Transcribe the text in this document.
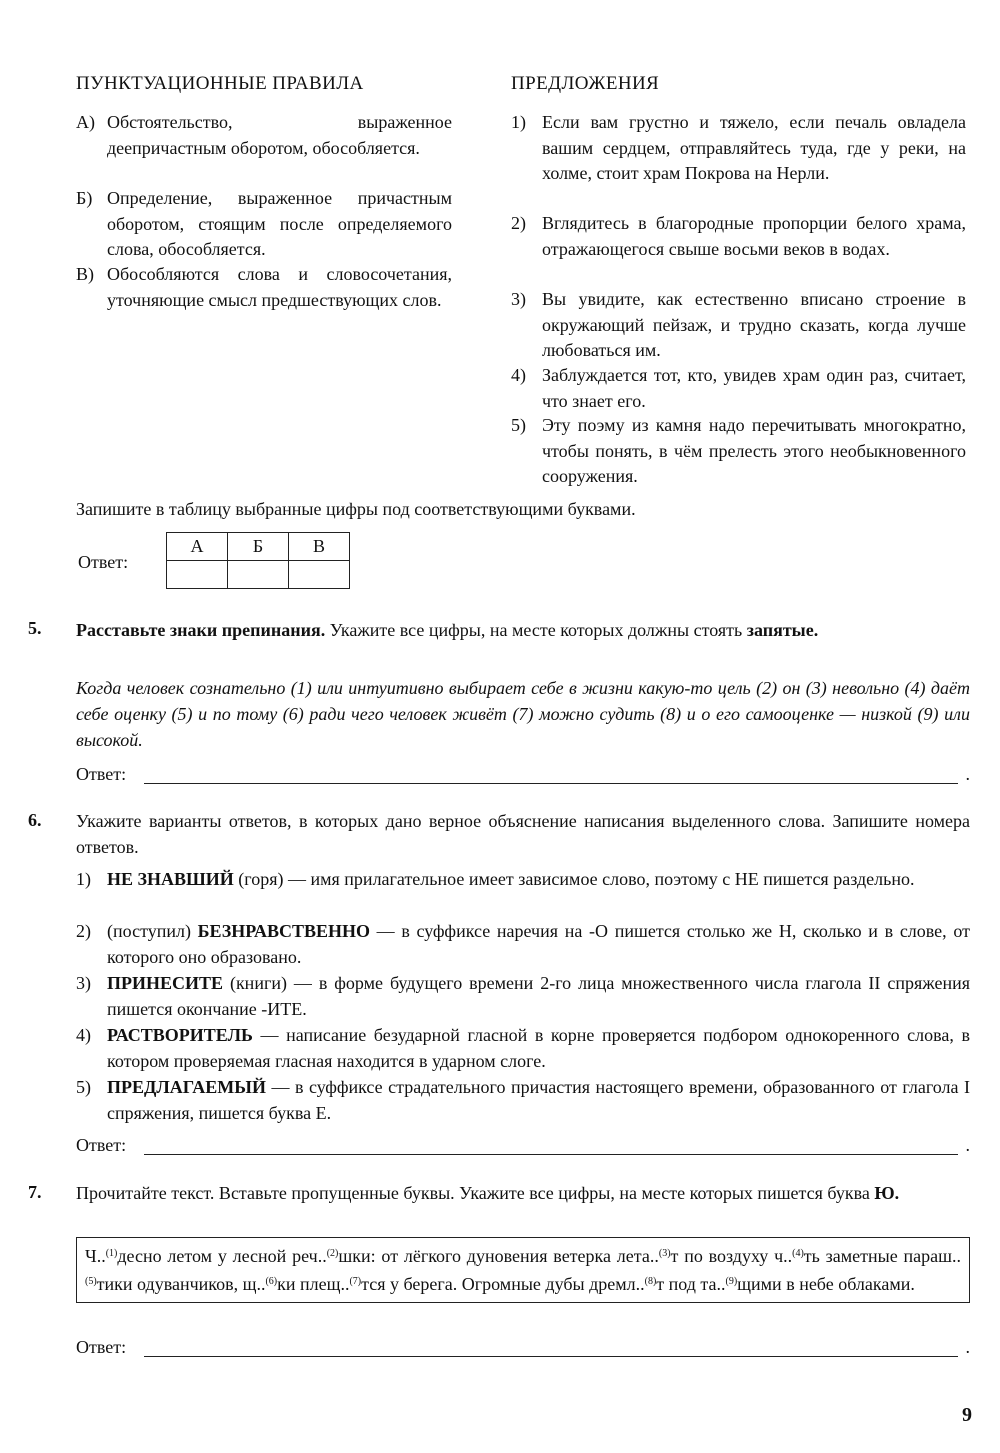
ПУНКТУАЦИОННЫЕ ПРАВИЛА	ПРЕДЛОЖЕНИЯ
А) Обстоятельство, выраженное деепричастным оборотом, обособляется.
Б) Определение, выраженное причастным оборотом, стоящим после определяемого слова, обособляется.
В) Обособляются слова и словосочетания, уточняющие смысл предшествующих слов.
1) Если вам грустно и тяжело, если печаль овладела вашим сердцем, отправляйтесь туда, где у реки, на холме, стоит храм Покрова на Нерли.
2) Вглядитесь в благородные пропорции белого храма, отражающегося свыше восьми веков в водах.
3) Вы увидите, как естественно вписано строение в окружающий пейзаж, и трудно сказать, когда лучше любоваться им.
4) Заблуждается тот, кто, увидев храм один раз, считает, что знает его.
5) Эту поэму из камня надо перечитывать многократно, чтобы понять, в чём прелесть этого необыкновенного сооружения.
Запишите в таблицу выбранные цифры под соответствующими буквами.
Ответ:
А	Б	В

5. Расставьте знаки препинания. Укажите все цифры, на месте которых должны стоять запятые.
Когда человек сознательно (1) или интуитивно выбирает себе в жизни какую-то цель (2) он (3) невольно (4) даёт себе оценку (5) и по тому (6) ради чего человек живёт (7) можно судить (8) и о его самооценке — низкой (9) или высокой.
Ответ:	.
6. Укажите варианты ответов, в которых дано верное объяснение написания выделенного слова. Запишите номера ответов.
1) НЕ ЗНАВШИЙ (горя) — имя прилагательное имеет зависимое слово, поэтому с НЕ пишется раздельно.
2) (поступил) БЕЗНРАВСТВЕННО — в суффиксе наречия на -О пишется столько же Н, сколько и в слове, от которого оно образовано.
3) ПРИНЕСИТЕ (книги) — в форме будущего времени 2-го лица множественного числа глагола II спряжения пишется окончание -ИТЕ.
4) РАСТВОРИТЕЛЬ — написание безударной гласной в корне проверяется подбором однокоренного слова, в котором проверяемая гласная находится в ударном слоге.
5) ПРЕДЛАГАЕМЫЙ — в суффиксе страдательного причастия настоящего времени, образованного от глагола I спряжения, пишется буква Е.
Ответ:	.
7. Прочитайте текст. Вставьте пропущенные буквы. Укажите все цифры, на месте которых пишется буква Ю.
Ч..$^{(1)}$десно летом у лесной реч..$^{(2)}$шки: от лёгкого дуновения ветерка лета..$^{(3)}$т по воздуху ч..$^{(4)}$ть заметные параш..$^{(5)}$тики одуванчиков, щ..$^{(6)}$ки плещ..$^{(7)}$тся у берега. Огромные дубы дремл..$^{(8)}$т под та..$^{(9)}$щими в небе облаками.
Ответ:	.
9
